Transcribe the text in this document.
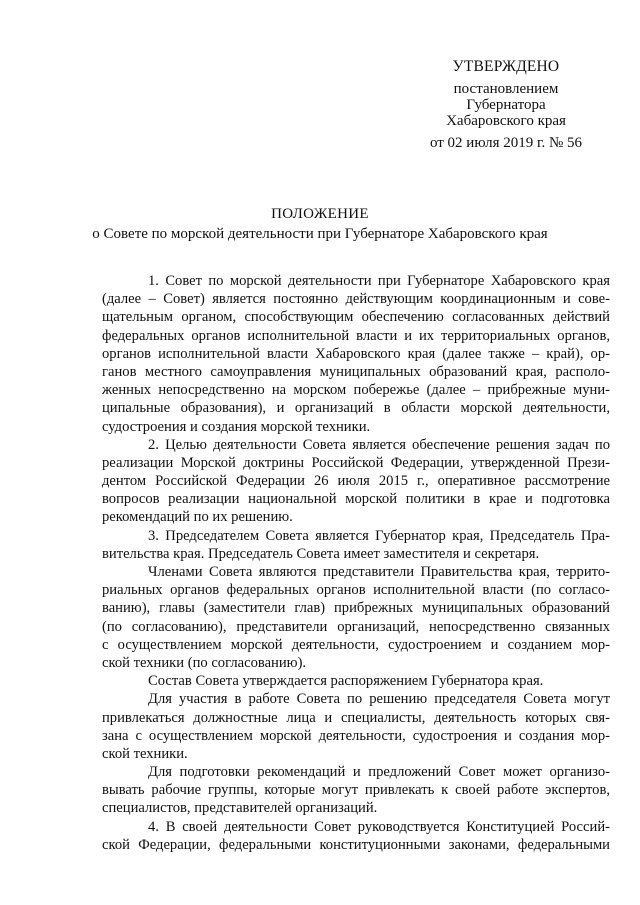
УТВЕРЖДЕНО
постановлением
Губернатора
Хабаровского края
от 02 июля 2019 г. № 56
ПОЛОЖЕНИЕ
о Совете по морской деятельности при Губернаторе Хабаровского края
1. Совет по морской деятельности при Губернаторе Хабаровского края
(далее – Совет) является постоянно действующим координационным и сове-
щательным органом, способствующим обеспечению согласованных действий
федеральных органов исполнительной власти и их территориальных органов,
органов исполнительной власти Хабаровского края (далее также – край), ор-
ганов местного самоуправления муниципальных образований края, располо-
женных непосредственно на морском побережье (далее – прибрежные муни-
ципальные образования), и организаций в области морской деятельности,
судостроения и создания морской техники.
2. Целью деятельности Совета является обеспечение решения задач по
реализации Морской доктрины Российской Федерации, утвержденной Прези-
дентом Российской Федерации 26 июля 2015 г., оперативное рассмотрение
вопросов реализации национальной морской политики в крае и подготовка
рекомендаций по их решению.
3. Председателем Совета является Губернатор края, Председатель Пра-
вительства края. Председатель Совета имеет заместителя и секретаря.
Членами Совета являются представители Правительства края, террито-
риальных органов федеральных органов исполнительной власти (по согласо-
ванию), главы (заместители глав) прибрежных муниципальных образований
(по согласованию), представители организаций, непосредственно связанных
с осуществлением морской деятельности, судостроением и созданием мор-
ской техники (по согласованию).
Состав Совета утверждается распоряжением Губернатора края.
Для участия в работе Совета по решению председателя Совета могут
привлекаться должностные лица и специалисты, деятельность которых свя-
зана с осуществлением морской деятельности, судостроения и создания мор-
ской техники.
Для подготовки рекомендаций и предложений Совет может организо-
вывать рабочие группы, которые могут привлекать к своей работе экспертов,
специалистов, представителей организаций.
4. В своей деятельности Совет руководствуется Конституцией Россий-
ской Федерации, федеральными конституционными законами, федеральными
